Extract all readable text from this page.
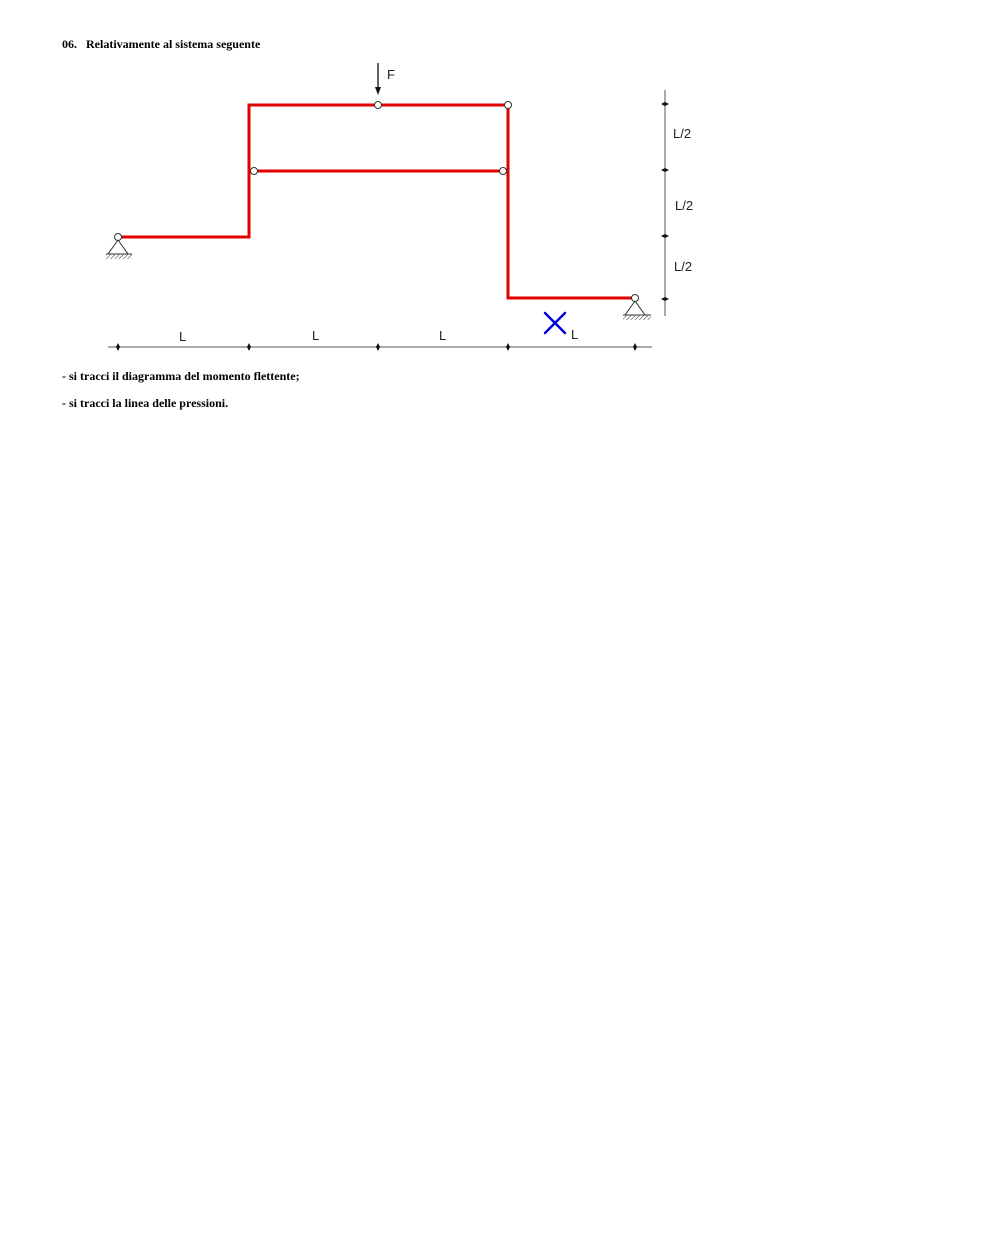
06. Relativamente al sistema seguente
F
L	L	L	L
L/2
L/2
L/2
- si tracci il diagramma del momento flettente;
- si tracci la linea delle pressioni.
